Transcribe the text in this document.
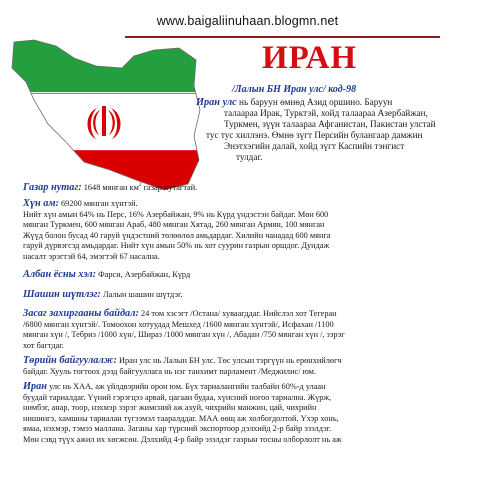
www.baigaliinuhaan.blogmn.net
ИРАН
/Лалын БН Иран улс/ код-98
Иран улс нь баруун өмнөд Азид оршино. Баруун
талаараа Ирак, Турктэй, хойд талаараа Азербайжан,
Туркмен, зүүн талаараа Афганистан, Пакистан улстай
тус тус хиллэнэ. Өмнө зүгт Персийн булангаар дамжин
Энэтхэгийн далай, хойд зүгт Каспийн тэнгист
тулдаг.
Газар нутаг: 1648 мянган $км^2$ газар нутагтай.
Хүн ам: 69200 мянган хүнтэй.
Нийт хүн амын 64% нь Перс, 16% Азербайжан, 9% нь Күрд үндэстэн байдаг. Мөн 600
мянган Туркмен, 600 мянган Араб, 480 мянган Хятад, 260 мянган Армян, 100 мянган
Жүүд болон бусад 40 гаруй үндэстний төлөөлөл амьдардаг. Хилийн чанадад 600 мянга
гаруй дүрвэгсэд амьдардаг. Нийт хүн амын 50% нь хот суурин газрын оршдог. Дундаж
насалт эрэгтэй 64, эмэгтэй 67 насална.
Албан ёсны хэл: Фарси, Азербайжан, Күрд
Шашин шүтлэг: Лалын шашин шүтдэг.
Засаг захиргааны байдал: 24 том хэсэгт /Остана/ хуваагддаг. Нийслэл хот Тегеран
/6800 мянган хүнтэй/. Томоохон хотуудад Мешхед /1600 мянган хүнтэй/, Исфахан /1100
мянган хүн /, Тебриз /1000 хүн/, Шираз /1000 мянган хүн /, Абадан /750 мянган хүн /, зэрэг
хот багтдаг.
Төрийн байгуулалж: Иран улс нь Лалын БН улс. Төс улсын тэргүүн нь ерөнхийлөгч
байдаг. Хууль тогтоох дээд байгууллага нь нэг танхимт парламент /Меджилис/ юм.
Иран улс нь ХАА, аж үйлдвэрийн орон юм. Бүх тариалангийн талбайн 60%-д улаан
буудай тариалдаг. Үүний гэрэгцээ арвай, цагаан будаа, хүнсний ногоо тариална. Жүрж,
нимбэг, анар, тоор, нэхмэр зэрэг жимсний аж ахуй, чихрийн манжин, цай, чихрийн
нишингэ, хамшны тариалан түгээмэл тааралддаг. МАА өөщ аж холбогдолтой. Үхэр хонь,
ямаа, нэхмэр, тэмээ маллана. Заганы хар түрсний экспортоор дэлхийд 2-р байр эзэлдэг.
Мөн сэвд түүх ажил их хөгжсөн. Дэлхийд 4-р байр эзэлдэг газрын тосны олборлолт нь аж
